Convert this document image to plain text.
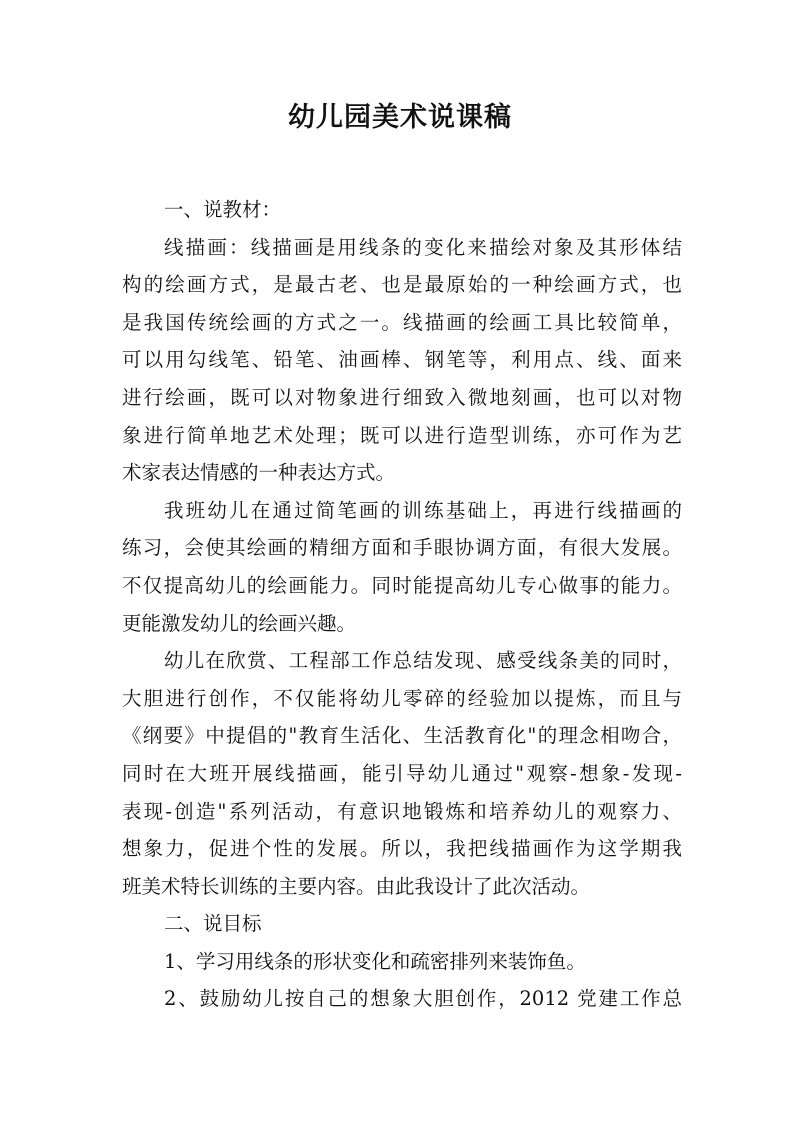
幼儿园美术说课稿
一、说教材：
线描画：线描画是用线条的变化来描绘对象及其形体结
构的绘画方式，是最古老、也是最原始的一种绘画方式，也
是我国传统绘画的方式之一。线描画的绘画工具比较简单，
可以用勾线笔、铅笔、油画棒、钢笔等，利用点、线、面来
进行绘画，既可以对物象进行细致入微地刻画，也可以对物
象进行简单地艺术处理；既可以进行造型训练，亦可作为艺
术家表达情感的一种表达方式。
我班幼儿在通过简笔画的训练基础上，再进行线描画的
练习，会使其绘画的精细方面和手眼协调方面，有很大发展。
不仅提高幼儿的绘画能力。同时能提高幼儿专心做事的能力。
更能激发幼儿的绘画兴趣。
幼儿在欣赏、工程部工作总结发现、感受线条美的同时，
大胆进行创作，不仅能将幼儿零碎的经验加以提炼，而且与
《纲要》中提倡的"教育生活化、生活教育化"的理念相吻合，
同时在大班开展线描画，能引导幼儿通过"观察-想象-发现-
表现-创造"系列活动，有意识地锻炼和培养幼儿的观察力、
想象力，促进个性的发展。所以，我把线描画作为这学期我
班美术特长训练的主要内容。由此我设计了此次活动。
二、说目标
1、学习用线条的形状变化和疏密排列来装饰鱼。
2、鼓励幼儿按自己的想象大胆创作，2012 党建工作总
